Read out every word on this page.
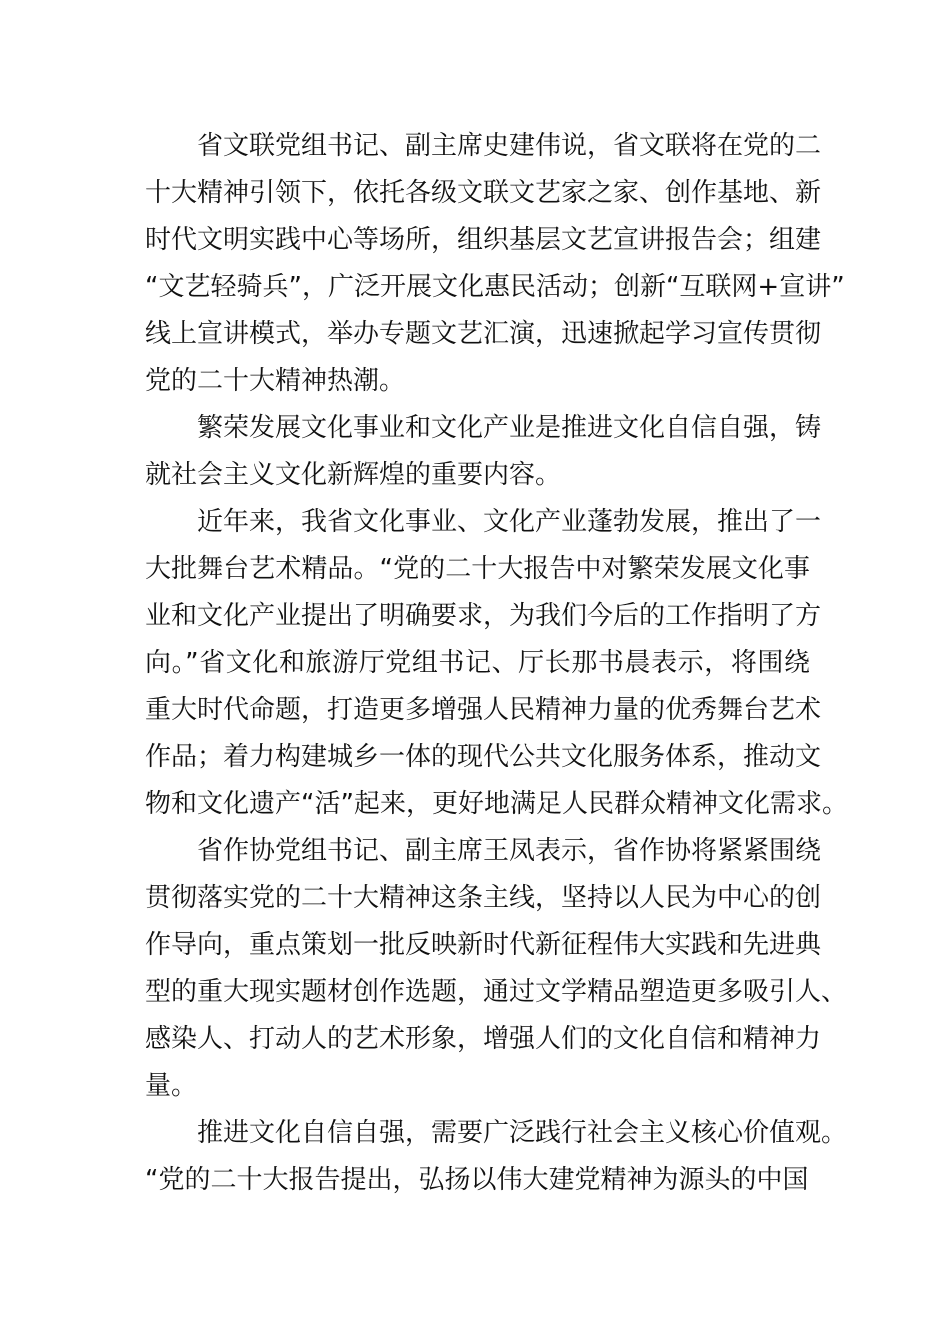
省文联党组书记、副主席史建伟说，省文联将在党的二
十大精神引领下，依托各级文联文艺家之家、创作基地、新
时代文明实践中心等场所，组织基层文艺宣讲报告会；组建
“文艺轻骑兵”，广泛开展文化惠民活动；创新“互联网+宣讲”
线上宣讲模式，举办专题文艺汇演，迅速掀起学习宣传贯彻
党的二十大精神热潮。
繁荣发展文化事业和文化产业是推进文化自信自强，铸
就社会主义文化新辉煌的重要内容。
近年来，我省文化事业、文化产业蓬勃发展，推出了一
大批舞台艺术精品。“党的二十大报告中对繁荣发展文化事
业和文化产业提出了明确要求，为我们今后的工作指明了方
向。”省文化和旅游厅党组书记、厅长那书晨表示，将围绕
重大时代命题，打造更多增强人民精神力量的优秀舞台艺术
作品；着力构建城乡一体的现代公共文化服务体系，推动文
物和文化遗产“活”起来，更好地满足人民群众精神文化需求。
省作协党组书记、副主席王凤表示，省作协将紧紧围绕
贯彻落实党的二十大精神这条主线，坚持以人民为中心的创
作导向，重点策划一批反映新时代新征程伟大实践和先进典
型的重大现实题材创作选题，通过文学精品塑造更多吸引人、
感染人、打动人的艺术形象，增强人们的文化自信和精神力
量。
推进文化自信自强，需要广泛践行社会主义核心价值观。
“党的二十大报告提出，弘扬以伟大建党精神为源头的中国
